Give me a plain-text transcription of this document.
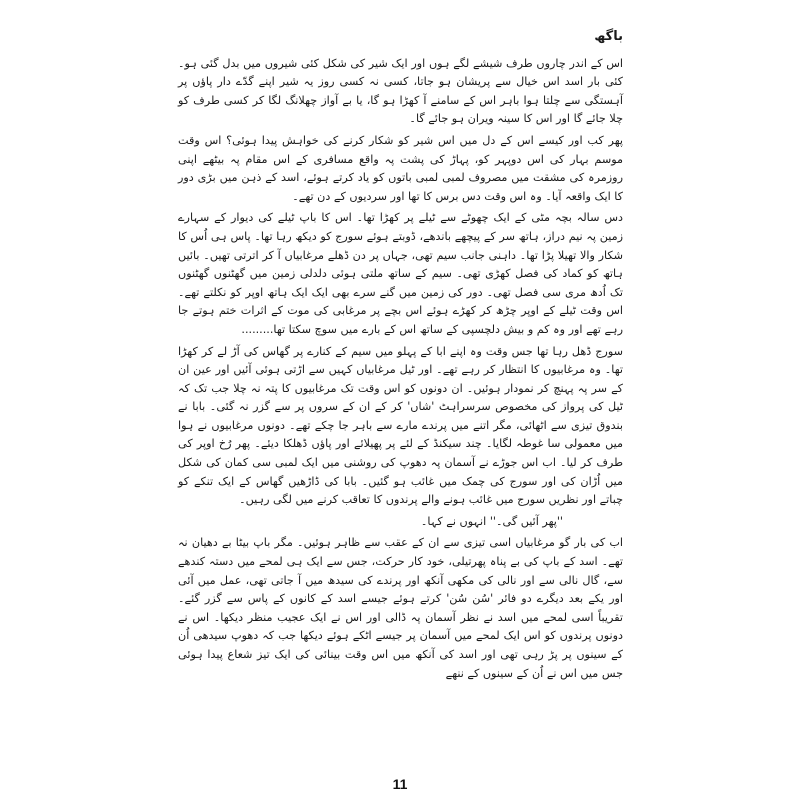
باگھ

اس کے اندر چاروں طرف شیشے لگے ہوں اور ایک شیر کی شکل کئی شیروں میں بدل گئی ہو۔ کئی بار اسد اس خیال سے پریشان ہو جاتا، کسی نہ کسی روز یہ شیر اپنے گدّے دار پاؤں پر آہستگی سے چلتا ہوا باہر اس کے سامنے آ کھڑا ہو گا، یا بے آواز چھلانگ لگا کر کسی طرف کو چلا جائے گا اور اس کا سینہ ویران ہو جائے گا۔

پھر کب اور کیسے اس کے دل میں اس شیر کو شکار کرنے کی خواہش پیدا ہوئی؟ اس وقت موسم بہار کی اس دوپہر کو، پہاڑ کی پشت پہ واقع مسافری کے اس مقام پہ بیٹھے اپنی روزمرہ کی مشقت میں مصروف لمبی لمبی باتوں کو یاد کرتے ہوئے، اسد کے ذہن میں بڑی دور کا ایک واقعہ آیا۔ وہ اس وقت دس برس کا تھا اور سردیوں کے دن تھے۔

دس سالہ بچہ مٹی کے ایک چھوٹے سے ٹیلے پر کھڑا تھا۔ اس کا باپ ٹیلے کی دیوار کے سہارے زمین پہ نیم دراز، ہاتھ سر کے پیچھے باندھے، ڈوبتے ہوئے سورج کو دیکھ رہا تھا۔ پاس ہی اُس کا شکار والا تھیلا پڑا تھا۔ داہنی جانب سیم تھی، جہاں پر دن ڈھلے مرغابیاں آ کر اترتی تھیں۔ بائیں ہاتھ کو کماد کی فصل کھڑی تھی۔ سیم کے ساتھ ملتی ہوئی دلدلی زمین میں گھٹنوں گھٹنوں تک اُدھ مری سی فصل تھی۔ دور کی زمین میں گنے سرے بھی ایک ایک ہاتھ اوپر کو نکلتے تھے۔ اس وقت ٹیلے کے اوپر چڑھ کر کھڑے ہوئے اس بچے پر مرغابی کی موت کے اثرات ختم ہوتے جا رہے تھے اور وہ کم و بیش دلچسپی کے ساتھ اس کے بارے میں سوچ سکتا تھا.........

سورج ڈھل رہا تھا جس وقت وہ اپنے ابا کے پہلو میں سیم کے کنارے پر گھاس کی آڑ لے کر کھڑا تھا۔ وہ مرغابیوں کا انتظار کر رہے تھے۔ اور ٹیل مرغابیاں کہیں سے اڑتی ہوئی آئیں اور عین ان کے سر پہ پہنچ کر نمودار ہوئیں۔ ان دونوں کو اس وقت تک مرغابیوں کا پتہ نہ چلا جب تک کہ ٹیل کی پرواز کی مخصوص سرسراہٹ 'شاں' کر کے ان کے سروں پر سے گزر نہ گئی۔ بابا نے بندوق تیزی سے اٹھائی، مگر اتنے میں پرندے مارے سے باہر جا چکے تھے۔ دونوں مرغابیوں نے ہوا میں معمولی سا غوطہ لگایا۔ چند سیکنڈ کے لئے پر پھیلائے اور پاؤں ڈھلکا دیئے۔ پھر رُخ اوپر کی طرف کر لیا۔ اب اس جوڑے نے آسمان پہ دھوپ کی روشنی میں ایک لمبی سی کمان کی شکل میں اُڑان کی اور سورج کی چمک میں غائب ہو گئیں۔ بابا کی ڈاڑھیں گھاس کے ایک تنکے کو چباتے اور نظریں سورج میں غائب ہونے والے پرندوں کا تعاقب کرنے میں لگی رہیں۔

''پھر آئیں گی۔'' انہوں نے کہا۔

اب کی بار گو مرغابیاں اسی تیزی سے ان کے عقب سے ظاہر ہوئیں۔ مگر باپ بیٹا بے دھیان نہ تھے۔ اسد کے باپ کی بے پناہ پھرتیلی، خود کار حرکت، جس سے ایک ہی لمحے میں دستہ کندھے سے، گال نالی سے اور نالی کی مکھی آنکھ اور پرندے کی سیدھ میں آ جاتی تھی، عمل میں آئی اور یکے بعد دیگرے دو فائر 'سُن سُن' کرتے ہوئے جیسے اسد کے کانوں کے پاس سے گزر گئے۔ تقریباً اسی لمحے میں اسد نے نظر آسمان پہ ڈالی اور اس نے ایک عجیب منظر دیکھا۔ اس نے دونوں پرندوں کو اس ایک لمحے میں آسمان پر جیسے اٹکے ہوئے دیکھا جب کہ دھوپ سیدھی اُن کے سینوں پر پڑ رہی تھی اور اسد کی آنکھ میں اس وقت بینائی کی ایک تیز شعاع پیدا ہوئی جس میں اس نے اُن کے سینوں کے ننھے

11
